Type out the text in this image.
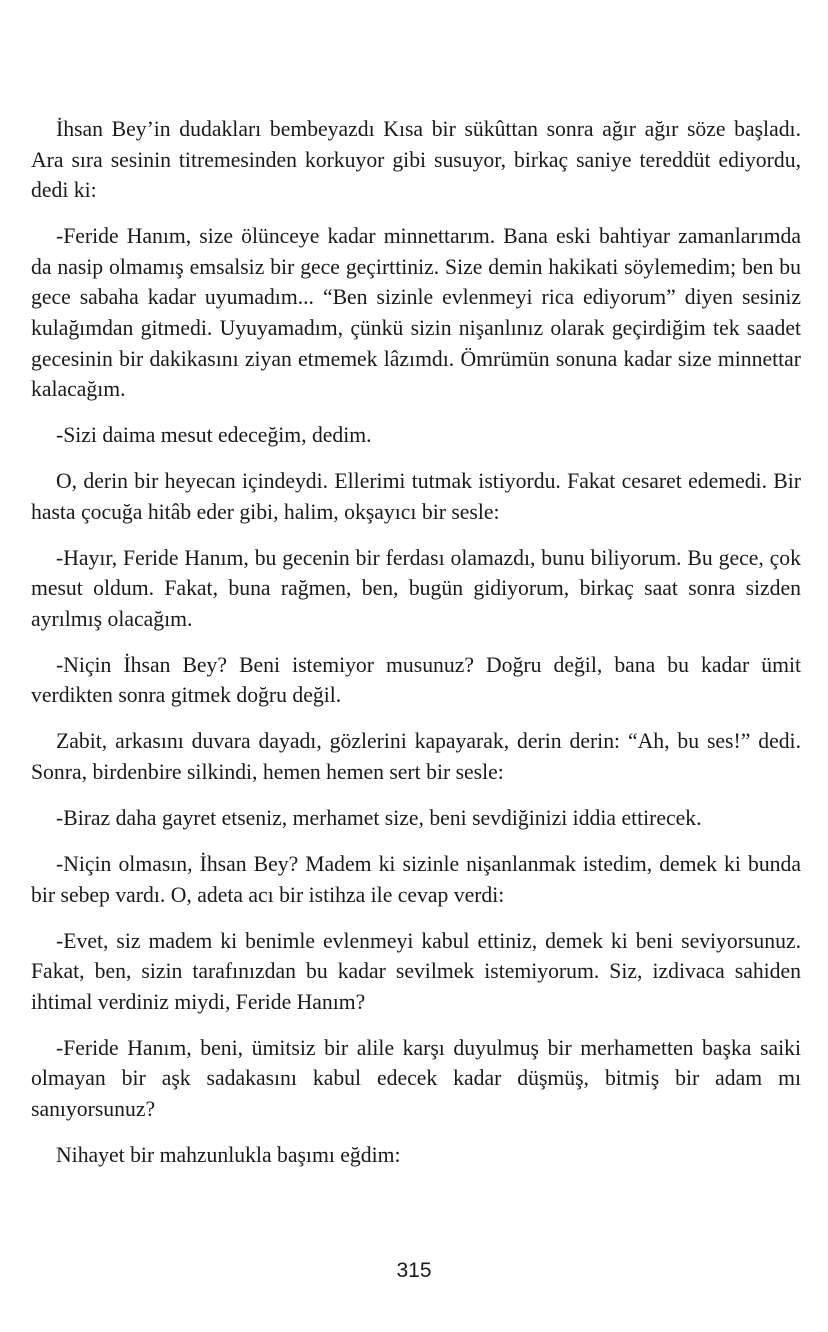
İhsan Bey’in dudakları bembeyazdı Kısa bir sükûttan sonra ağır ağır söze başladı. Ara sıra sesinin titremesinden korkuyor gibi susuyor, birkaç saniye tereddüt ediyordu, dedi ki:

-Feride Hanım, size ölünceye kadar minnettarım. Bana eski bahtiyar zamanlarımda da nasip olmamış emsalsiz bir gece geçirttiniz. Size demin hakikati söylemedim; ben bu gece sabaha kadar uyumadım... “Ben sizinle evlenmeyi rica ediyorum” diyen sesiniz kulağımdan gitmedi. Uyuyamadım, çünkü sizin nişanlınız olarak geçirdiğim tek saadet gecesinin bir dakikasını ziyan etmemek lâzımdı. Ömrümün sonuna kadar size minnettar kalacağım.

-Sizi daima mesut edeceğim, dedim.

O, derin bir heyecan içindeydi. Ellerimi tutmak istiyordu. Fakat cesaret edemedi. Bir hasta çocuğa hitâb eder gibi, halim, okşayıcı bir sesle:

-Hayır, Feride Hanım, bu gecenin bir ferdası olamazdı, bunu biliyorum. Bu gece, çok mesut oldum. Fakat, buna rağmen, ben, bugün gidiyorum, birkaç saat sonra sizden ayrılmış olacağım.

-Niçin İhsan Bey? Beni istemiyor musunuz? Doğru değil, bana bu kadar ümit verdikten sonra gitmek doğru değil.

Zabit, arkasını duvara dayadı, gözlerini kapayarak, derin derin: “Ah, bu ses!” dedi. Sonra, birdenbire silkindi, hemen hemen sert bir sesle:

-Biraz daha gayret etseniz, merhamet size, beni sevdiğinizi iddia ettirecek.

-Niçin olmasın, İhsan Bey? Madem ki sizinle nişanlanmak istedim, demek ki bunda bir sebep vardı. O, adeta acı bir istihza ile cevap verdi:

-Evet, siz madem ki benimle evlenmeyi kabul ettiniz, demek ki beni seviyorsunuz. Fakat, ben, sizin tarafınızdan bu kadar sevilmek istemiyorum. Siz, izdivaca sahiden ihtimal verdiniz miydi, Feride Hanım?

-Feride Hanım, beni, ümitsiz bir alile karşı duyulmuş bir merhametten başka saiki olmayan bir aşk sadakasını kabul edecek kadar düşmüş, bitmiş bir adam mı sanıyorsunuz?

Nihayet bir mahzunlukla başımı eğdim:

315
